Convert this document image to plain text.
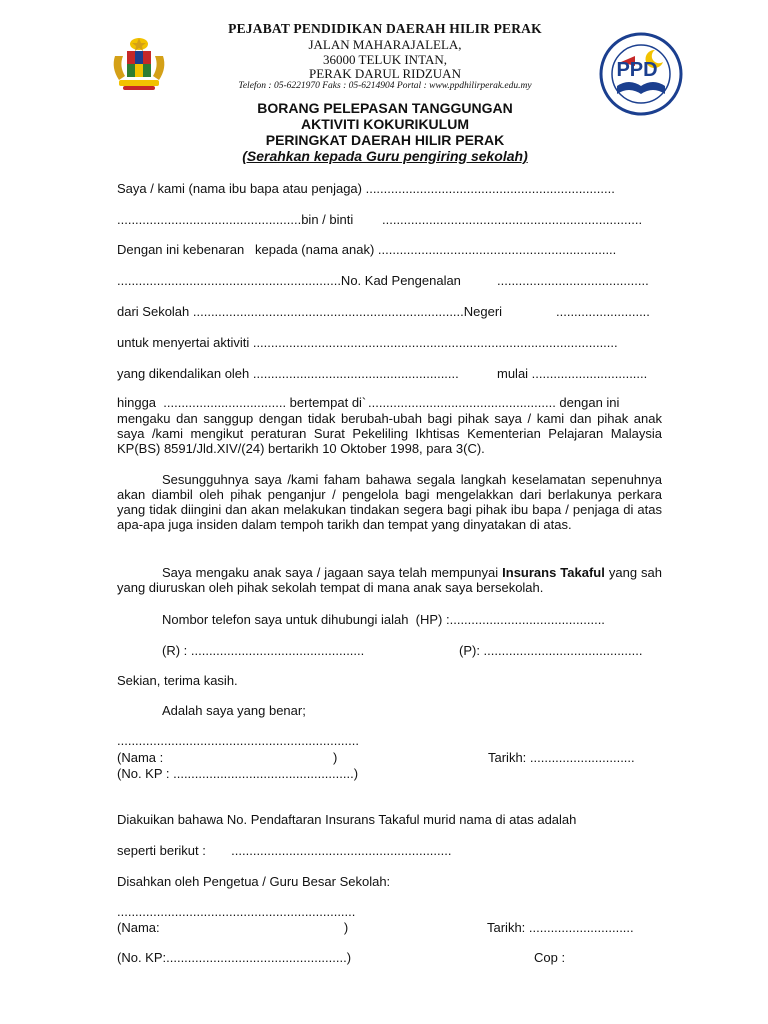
PPD

PEJABAT PENDIDIKAN DAERAH HILIR PERAK
JALAN MAHARAJALELA,
36000 TELUK INTAN,
PERAK DARUL RIDZUAN
Telefon : 05-6221970 Faks : 05-6214904 Portal : www.ppdhilirperak.edu.my
BORANG PELEPASAN TANGGUNGAN
AKTIVITI KOKURIKULUM
PERINGKAT DAERAH HILIR PERAK
(Serahkan kepada Guru pengiring sekolah)
Saya / kami (nama ibu bapa atau penjaga) .....................................................................
...................................................bin / binti ........................................................................
Dengan ini kebenaran   kepada (nama anak) ..................................................................
..............................................................No. Kad Pengenalan	..........................................
dari Sekolah ...........................................................................Negeri	..........................
untuk menyertai aktiviti .....................................................................................................
yang dikendalikan oleh .........................................................	mulai ................................
hingga  .................................. bertempat di` .................................................... dengan ini
mengaku dan sanggup dengan tidak berubah-ubah bagi pihak saya / kami dan pihak anak saya /kami mengikut peraturan Surat Pekeliling Ikhtisas Kementerian Pelajaran Malaysia KP(BS) 8591/Jld.XIV/(24) bertarikh 10 Oktober 1998, para 3(C).
Sesungguhnya saya /kami faham bahawa segala langkah keselamatan sepenuhnya akan diambil oleh pihak penganjur / pengelola bagi mengelakkan dari berlakunya perkara yang tidak diingini dan akan melakukan tindakan segera bagi pihak ibu bapa / penjaga di atas apa-apa juga insiden dalam tempoh tarikh dan tempat yang dinyatakan di atas.
Saya mengaku anak saya / jagaan saya telah mempunyai Insurans Takaful yang sah yang diuruskan oleh pihak sekolah tempat di mana anak saya bersekolah.
Nombor telefon saya untuk dihubungi ialah  (HP) :...........................................
(R) : ................................................	(P): ............................................
Sekian, terima kasih.
Adalah saya yang benar;
...................................................................
(Nama :                                               )	Tarikh: .............................
(No. KP : ..................................................)
Diakuikan bahawa No. Pendaftaran Insurans Takaful murid nama di atas adalah
seperti berikut :       .............................................................
Disahkan oleh Pengetua / Guru Besar Sekolah:
..................................................................
(Nama:                                                   )	Tarikh: .............................
(No. KP:..................................................)	Cop :
